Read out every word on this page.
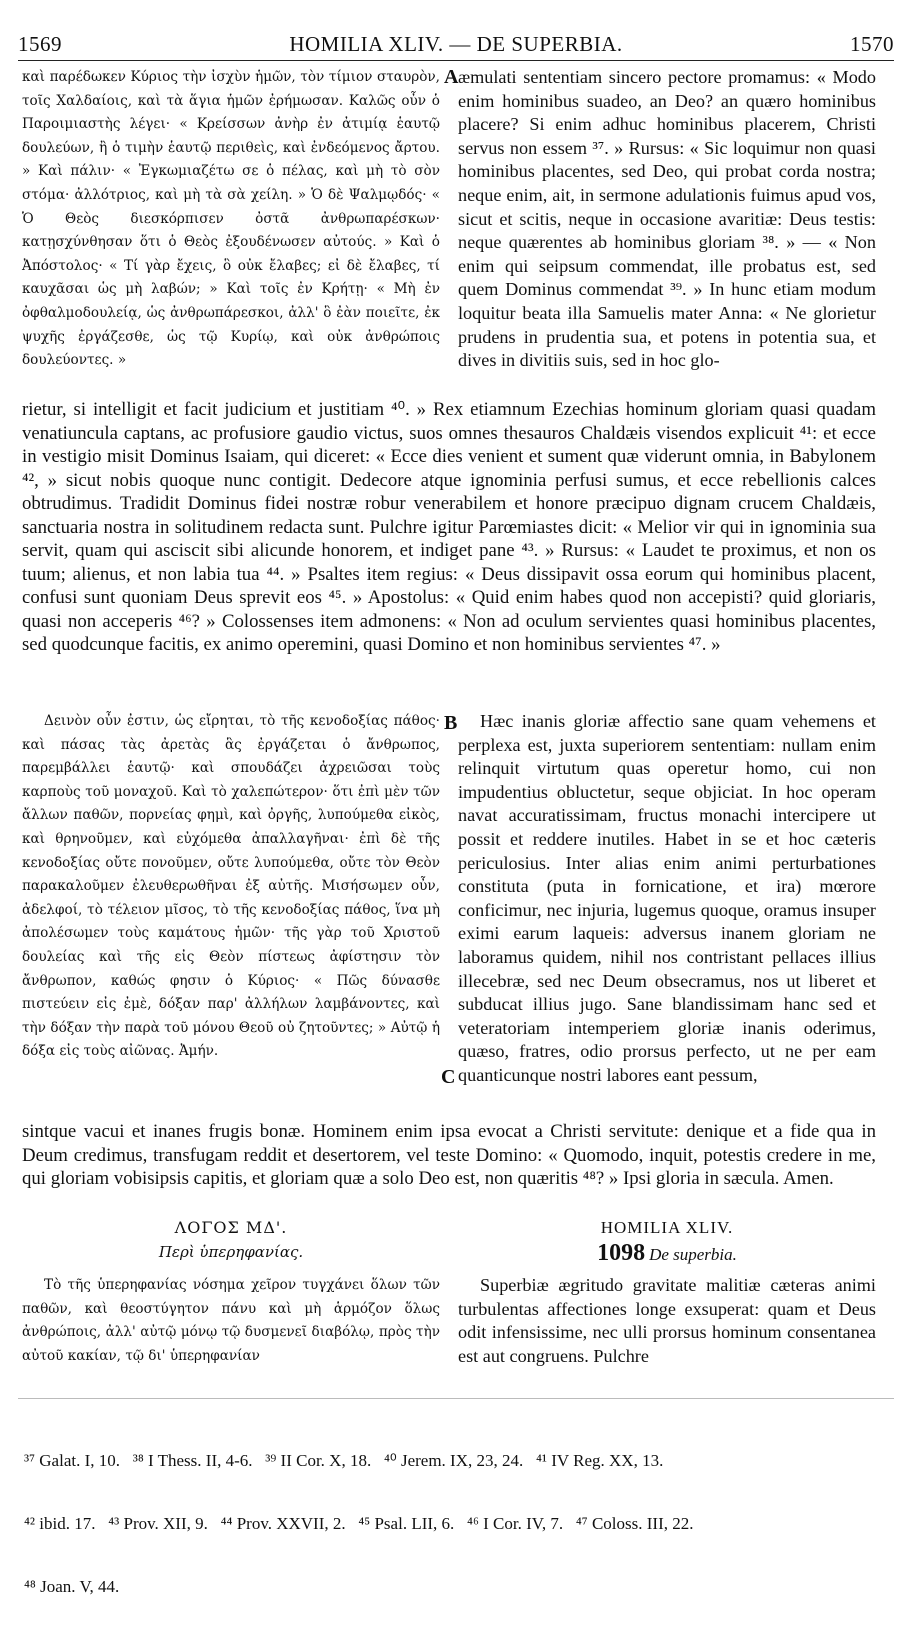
1569	HOMILIA XLIV. — DE SUPERBIA.	1570
καὶ παρέδωκεν Κύριος τὴν ἰσχὺν ἡμῶν, τὸν τίμιον σταυρὸν, τοῖς Χαλδαίοις, καὶ τὰ ἅγια ἡμῶν ἐρήμωσαν. Καλῶς οὖν ὁ Παροιμιαστὴς λέγει· « Κρείσσων ἀνὴρ ἐν ἀτιμίᾳ ἑαυτῷ δουλεύων, ἢ ὁ τιμὴν ἑαυτῷ περιθεὶς, καὶ ἐνδεόμενος ἄρτου. » Καὶ πάλιν· « Ἐγκωμιαζέτω σε ὁ πέλας, καὶ μὴ τὸ σὸν στόμα· ἀλλότριος, καὶ μὴ τὰ σὰ χείλη. » Ὁ δὲ Ψαλμῳδός· « Ὁ Θεὸς διεσκόρπισεν ὀστᾶ ἀνθρωπαρέσκων· κατῃσχύνθησαν ὅτι ὁ Θεὸς ἐξουδένωσεν αὐτούς. » Καὶ ὁ Ἀπόστολος· « Τί γὰρ ἔχεις, ὃ οὐκ ἔλαβες; εἰ δὲ ἔλαβες, τί καυχᾶσαι ὡς μὴ λαβών; » Καὶ τοῖς ἐν Κρήτῃ· « Μὴ ἐν ὀφθαλμοδουλείᾳ, ὡς ἀνθρωπάρεσκοι, ἀλλ' ὃ ἐὰν ποιεῖτε, ἐκ ψυχῆς ἐργάζεσθε, ὡς τῷ Κυρίῳ, καὶ οὐκ ἀνθρώποις δουλεύοντες. »
A æmulati sententiam sincero pectore promamus: « Modo enim hominibus suadeo, an Deo? an quæro hominibus placere? Si enim adhuc hominibus placerem, Christi servus non essem ³⁷. » Rursus: « Sic loquimur non quasi hominibus placentes, sed Deo, qui probat corda nostra; neque enim, ait, in sermone adulationis fuimus apud vos, sicut et scitis, neque in occasione avaritiæ: Deus testis: neque quærentes ab hominibus gloriam ³⁸. » — « Non enim qui seipsum commendat, ille probatus est, sed quem Dominus commendat ³⁹. » In hunc etiam modum loquitur beata illa Samuelis mater Anna: « Ne glorietur prudens in prudentia sua, et potens in potentia sua, et dives in divitiis suis, sed in hoc glo-
rietur, si intelligit et facit judicium et justitiam ⁴⁰. » Rex etiamnum Ezechias hominum gloriam quasi quadam venatiuncula captans, ac profusiore gaudio victus, suos omnes thesauros Chaldæis visendos explicuit ⁴¹: et ecce in vestigio misit Dominus Isaiam, qui diceret: « Ecce dies venient et sument quæ viderunt omnia, in Babylonem ⁴², » sicut nobis quoque nunc contigit. Dedecore atque ignominia perfusi sumus, et ecce rebellionis calces obtrudimus. Tradidit Dominus fidei nostræ robur venerabilem et honore præcipuo dignam crucem Chaldæis, sanctuaria nostra in solitudinem redacta sunt. Pulchre igitur Parœmiastes dicit: « Melior vir qui in ignominia sua servit, quam qui asciscit sibi alicunde honorem, et indiget pane ⁴³. » Rursus: « Laudet te proximus, et non os tuum; alienus, et non labia tua ⁴⁴. » Psaltes item regius: « Deus dissipavit ossa eorum qui hominibus placent, confusi sunt quoniam Deus sprevit eos ⁴⁵. » Apostolus: « Quid enim habes quod non accepisti? quid gloriaris, quasi non acceperis ⁴⁶? » Colossenses item admonens: « Non ad oculum servientes quasi hominibus placentes, sed quodcunque facitis, ex animo operemini, quasi Domino et non hominibus servientes ⁴⁷. »
Δεινὸν οὖν ἐστιν, ὡς εἴρηται, τὸ τῆς κενοδοξίας πάθος· καὶ πάσας τὰς ἀρετὰς ἃς ἐργάζεται ὁ ἄνθρωπος, παρεμβάλλει ἑαυτῷ· καὶ σπουδάζει ἀχρειῶσαι τοὺς καρποὺς τοῦ μοναχοῦ. Καὶ τὸ χαλεπώτερον· ὅτι ἐπὶ μὲν τῶν ἄλλων παθῶν, πορνείας φημὶ, καὶ ὀργῆς, λυπούμεθα εἰκὸς, καὶ θρηνοῦμεν, καὶ εὐχόμεθα ἀπαλλαγῆναι· ἐπὶ δὲ τῆς κενοδοξίας οὔτε πονοῦμεν, οὔτε λυπούμεθα, οὔτε τὸν Θεὸν παρακαλοῦμεν ἐλευθερωθῆναι ἐξ αὐτῆς. Μισήσωμεν οὖν, ἀδελφοί, τὸ τέλειον μῖσος, τὸ τῆς κενοδοξίας πάθος, ἵνα μὴ ἀπολέσωμεν τοὺς καμάτους ἡμῶν· τῆς γὰρ τοῦ Χριστοῦ δουλείας καὶ τῆς εἰς Θεὸν πίστεως ἀφίστησιν τὸν ἄνθρωπον, καθώς φησιν ὁ Κύριος· « Πῶς δύνασθε πιστεύειν εἰς ἐμὲ, δόξαν παρ' ἀλλήλων λαμβάνοντες, καὶ τὴν δόξαν τὴν παρὰ τοῦ μόνου Θεοῦ οὐ ζητοῦντες; » Αὐτῷ ἡ δόξα εἰς τοὺς αἰῶνας. Ἀμήν.
B
C
Hæc inanis gloriæ affectio sane quam vehemens et perplexa est, juxta superiorem sententiam: nullam enim relinquit virtutum quas operetur homo, cui non impudentius obluctetur, seque objiciat. In hoc operam navat accuratissimam, fructus monachi intercipere ut possit et reddere inutiles. Habet in se et hoc cæteris periculosius. Inter alias enim animi perturbationes constituta (puta in fornicatione, et ira) mœrore conficimur, nec injuria, lugemus quoque, oramus insuper eximi earum laqueis: adversus inanem gloriam ne laboramus quidem, nihil nos contristant pellaces illius illecebræ, sed nec Deum obsecramus, nos ut liberet et subducat illius jugo. Sane blandissimam hanc sed et veteratoriam intemperiem gloriæ inanis oderimus, quæso, fratres, odio prorsus perfecto, ut ne per eam quanticunque nostri labores eant pessum,
sintque vacui et inanes frugis bonæ. Hominem enim ipsa evocat a Christi servitute: denique et a fide qua in Deum credimus, transfugam reddit et desertorem, vel teste Domino: « Quomodo, inquit, potestis credere in me, qui gloriam vobisipsis capitis, et gloriam quæ a solo Deo est, non quæritis ⁴⁸? » Ipsi gloria in sæcula. Amen.
ΛΟΓΟΣ ΜΔ'.
Περὶ ὑπερηφανίας.
HOMILIA XLIV.
1098 De superbia.
Τὸ τῆς ὑπερηφανίας νόσημα χεῖρον τυγχάνει ὅλων τῶν παθῶν, καὶ θεοστύγητον πάνυ καὶ μὴ ἁρμόζον ὅλως ἀνθρώποις, ἀλλ' αὐτῷ μόνῳ τῷ δυσμενεῖ διαβόλῳ, πρὸς τὴν αὐτοῦ κακίαν, τῷ δι' ὑπερηφανίαν
Superbiæ ægritudo gravitate malitiæ cæteras animi turbulentas affectiones longe exsuperat: quam et Deus odit infensissime, nec ulli prorsus hominum consentanea est aut congruens. Pulchre

³⁷ Galat. I, 10.   ³⁸ I Thess. II, 4-6.   ³⁹ II Cor. X, 18.   ⁴⁰ Jerem. IX, 23, 24.   ⁴¹ IV Reg. XX, 13.

⁴² ibid. 17.   ⁴³ Prov. XII, 9.   ⁴⁴ Prov. XXVII, 2.   ⁴⁵ Psal. LII, 6.   ⁴⁶ I Cor. IV, 7.   ⁴⁷ Coloss. III, 22.

⁴⁸ Joan. V, 44.
